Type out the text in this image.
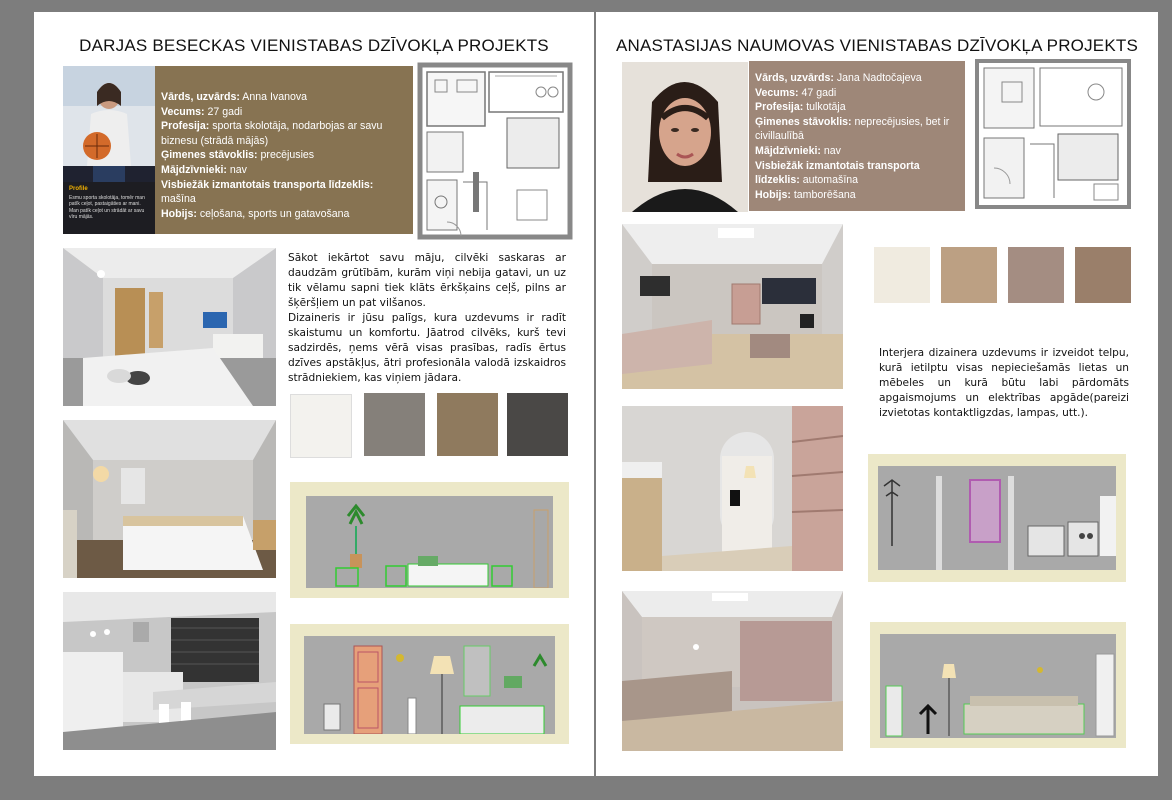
DARJAS BESECKAS VIENISTABAS DZĪVOKĻA PROJEKTS
Profile
Esmu sporta skolotāja, tomēr man patīk ceļot, pastaigāties ar mani. Man patīk ceļot un strādāt ar savu vīru mājās.
Vārds, uzvārds: Anna Ivanova
Vecums: 27 gadi
Profesija: sporta skolotāja, nodarbojas ar savu biznesu (strādā mājās)
Ģimenes stāvoklis: precējusies
Mājdzīvnieki: nav
Visbiežāk izmantotais transporta līdzeklis: mašīna
Hobijs: ceļošana, sports un gatavošana

Sākot iekārtot savu māju, cilvēki saskaras ar daudzām grūtībām, kurām viņi nebija gatavi, un uz tik vēlamu sapni tiek klāts ērkšķains ceļš, pilns ar šķēršļiem un pat vilšanos.

Dizaineris ir jūsu palīgs, kura uzdevums ir radīt skaistumu un komfortu. Jāatrod cilvēks, kurš tevi sadzirdēs, ņems vērā visas prasības, radīs ērtus dzīves apstākļus, ātri profesionāla valodā izskaidros strādniekiem, kas viņiem jādara.

ANASTASIJAS NAUMOVAS VIENISTABAS DZĪVOKĻA PROJEKTS
Vārds, uzvārds: Jana Nadtočajeva
Vecums: 47 gadi
Profesija: tulkotāja
Ģimenes stāvoklis: neprecējusies, bet ir civillaulībā
Mājdzīvnieki: nav
Visbiežāk izmantotais transporta līdzeklis: automašīna
Hobijs: tamborēšana

Interjera dizainera uzdevums ir izveidot telpu, kurā ietilptu visas nepieciešamās lietas un mēbeles un kurā būtu labi pārdomāts apgaismojums un elektrības apgāde(pareizi izvietotas kontaktligzdas, lampas, utt.).
